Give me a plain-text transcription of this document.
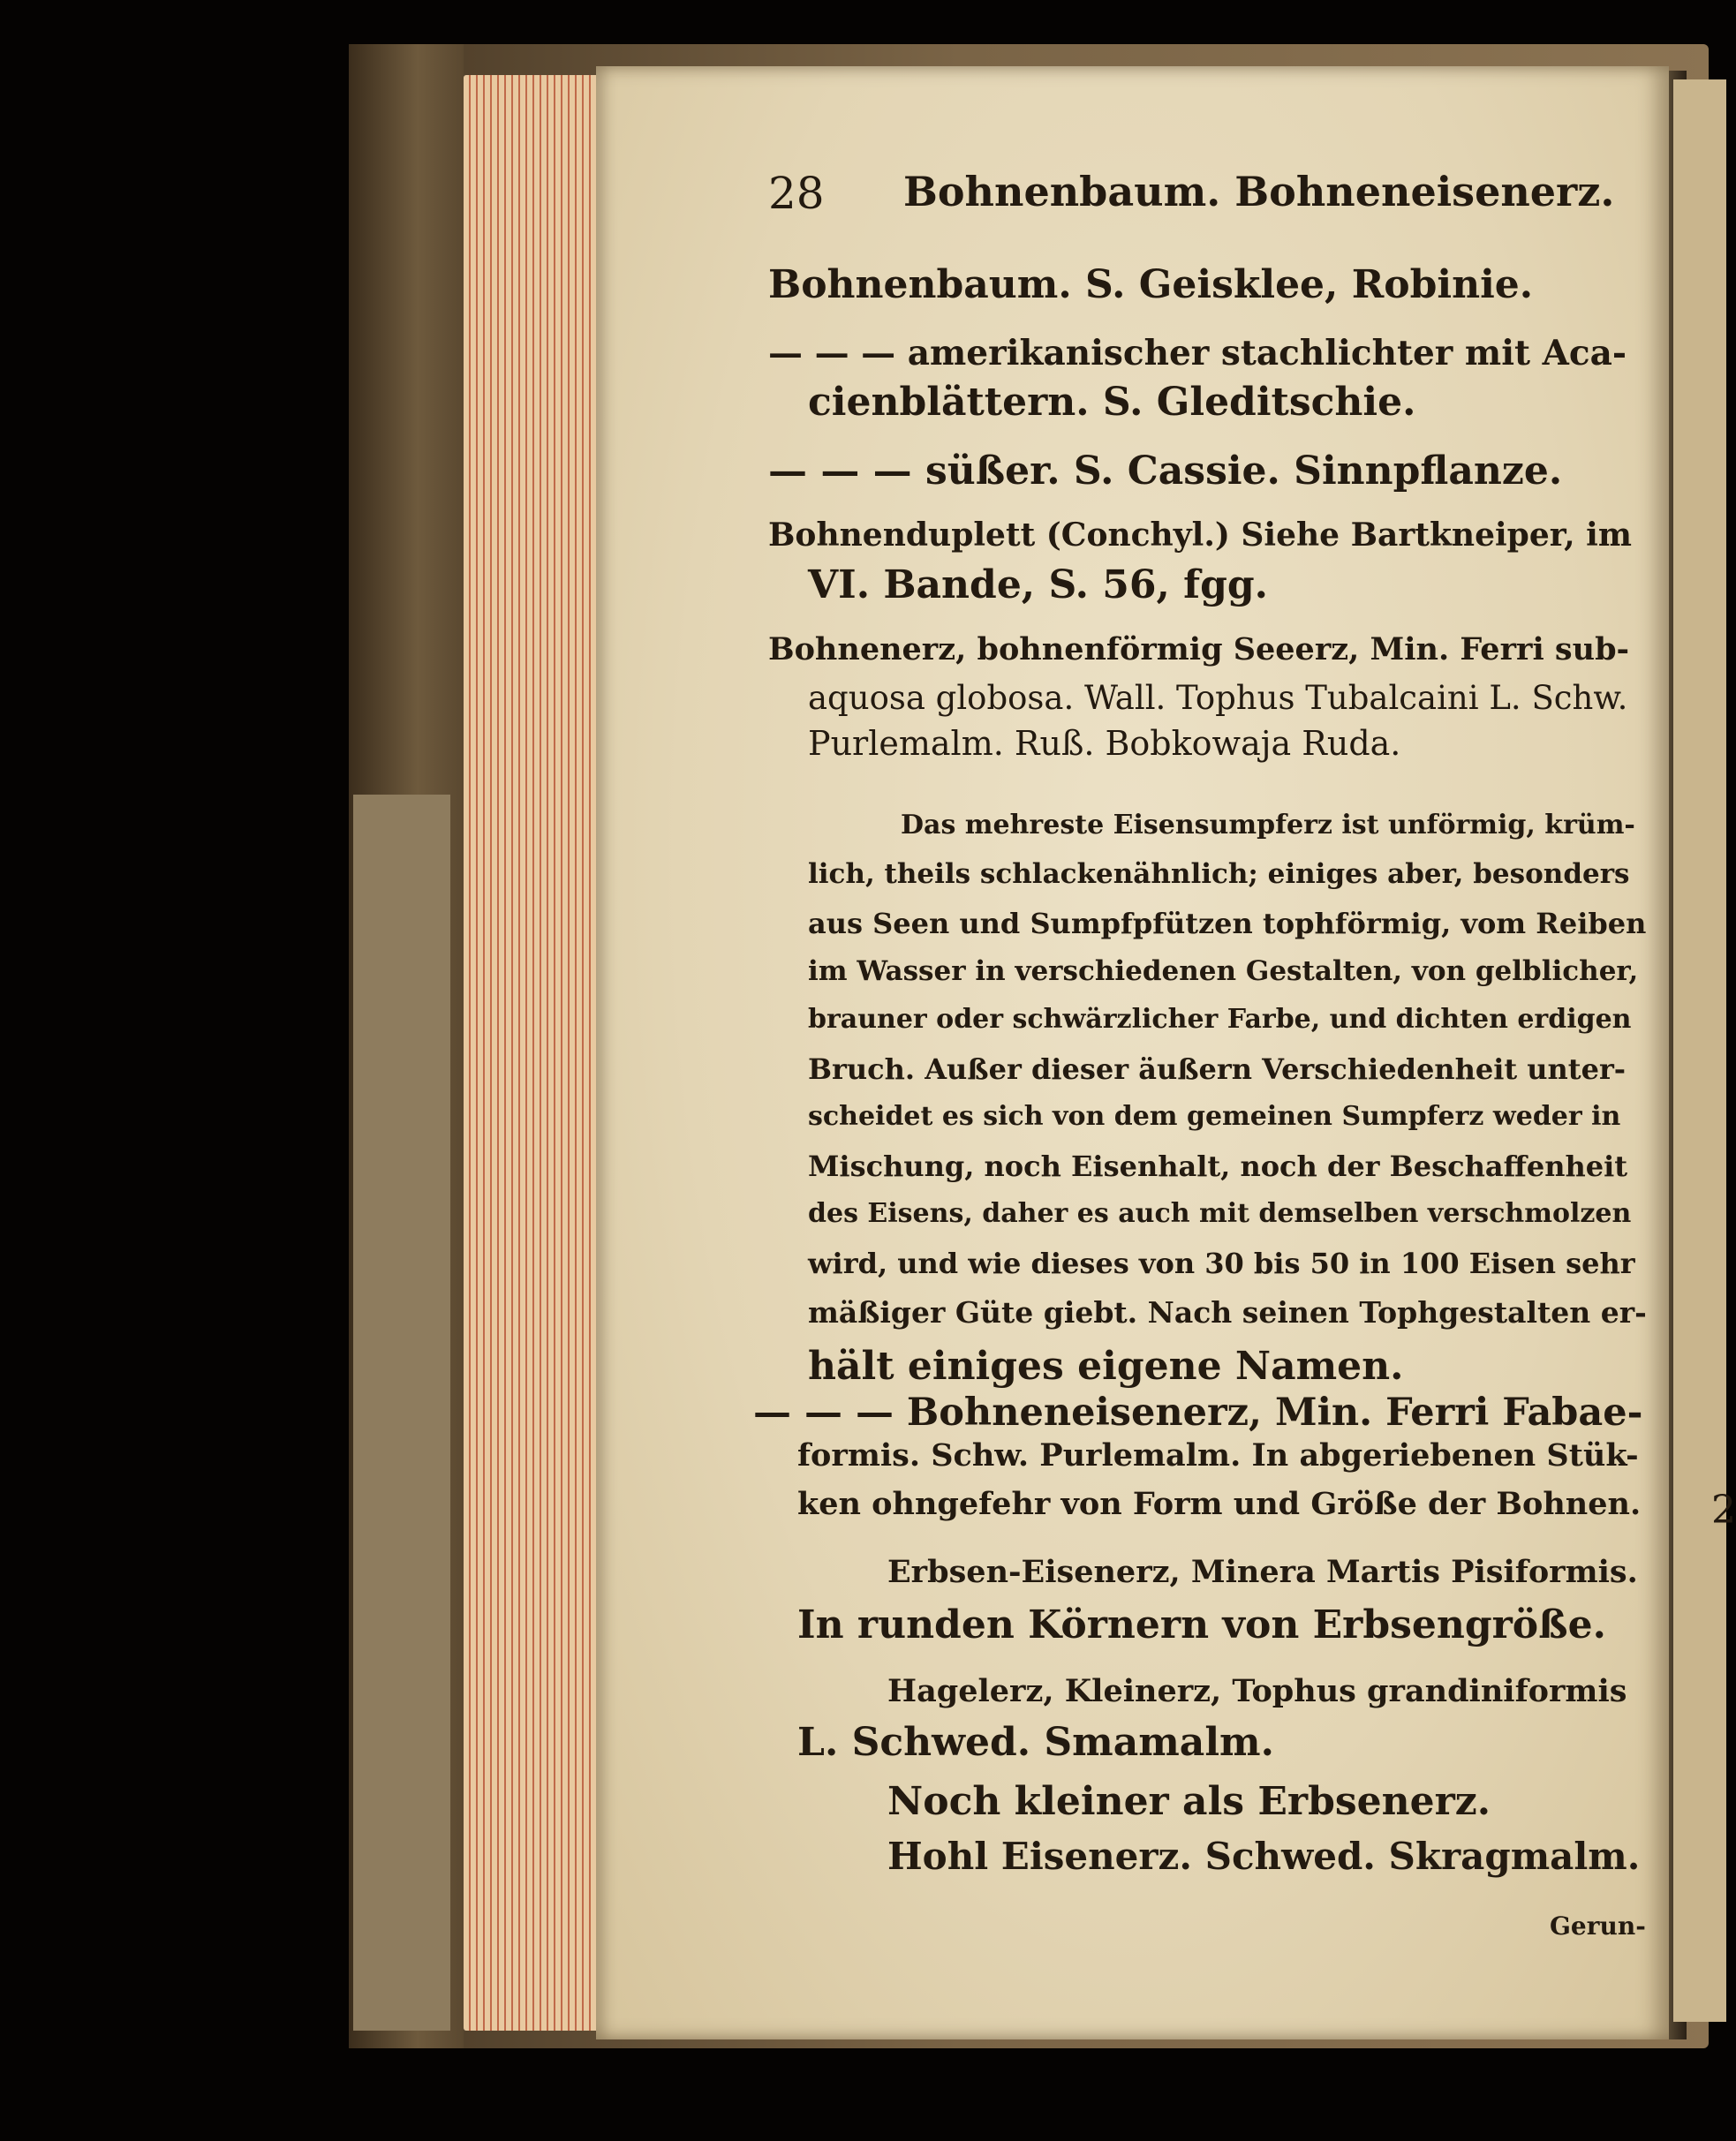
2

28 Bohnenbaum. Bohneneisenerz.

Bohnenbaum. S. Geisklee, Robinie.

— — — amerikanischer stachlichter mit Aca-

cienblättern. S. Gleditschie.

— — — süßer. S. Cassie. Sinnpflanze.

Bohnenduplett (Conchyl.) Siehe Bartkneiper, im

VI. Bande, S. 56, fgg.

Bohnenerz, bohnenförmig Seeerz, Min. Ferri sub-

aquosa globosa. Wall. Tophus Tubalcaini L. Schw.

Purlemalm. Ruß. Bobkowaja Ruda.

Das mehreste Eisensumpferz ist unförmig, krüm-

lich, theils schlackenähnlich; einiges aber, besonders

aus Seen und Sumpfpfützen tophförmig, vom Reiben

im Wasser in verschiedenen Gestalten, von gelblicher,

brauner oder schwärzlicher Farbe, und dichten erdigen

Bruch. Außer dieser äußern Verschiedenheit unter-

scheidet es sich von dem gemeinen Sumpferz weder in

Mischung, noch Eisenhalt, noch der Beschaffenheit

des Eisens, daher es auch mit demselben verschmolzen

wird, und wie dieses von 30 bis 50 in 100 Eisen sehr

mäßiger Güte giebt. Nach seinen Tophgestalten er-

hält einiges eigene Namen.

— — — Bohneneisenerz, Min. Ferri Fabae-

formis. Schw. Purlemalm. In abgeriebenen Stük-

ken ohngefehr von Form und Größe der Bohnen.

Erbsen-Eisenerz, Minera Martis Pisiformis.

In runden Körnern von Erbsengröße.

Hagelerz, Kleinerz, Tophus grandiniformis

L. Schwed. Smamalm.

Noch kleiner als Erbsenerz.

Hohl Eisenerz. Schwed. Skragmalm.

Gerun-
